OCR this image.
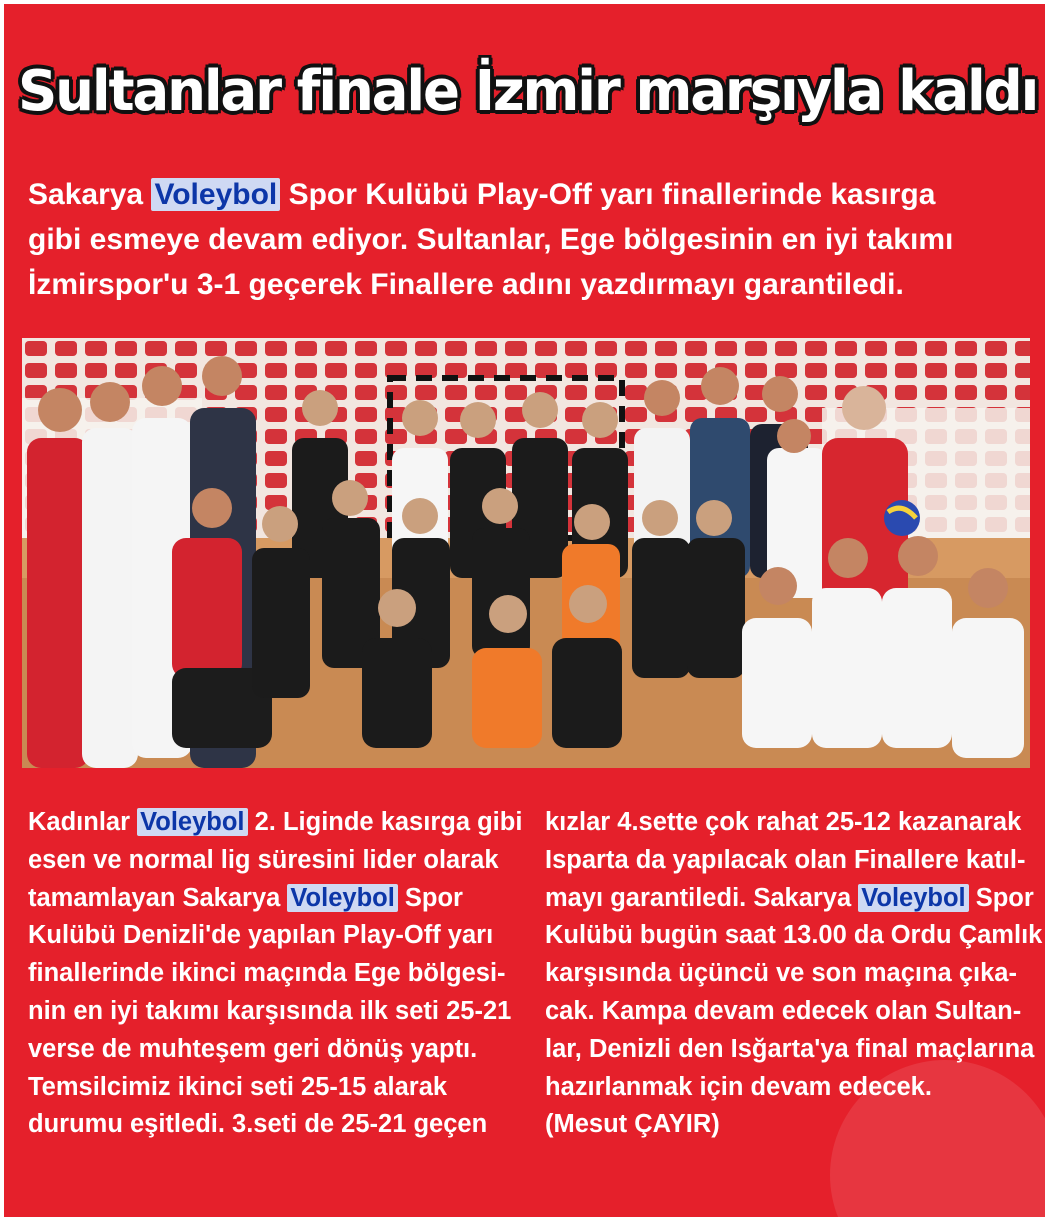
Sultanlar finale İzmir marşıyla kaldı
Sakarya Voleybol Spor Kulübü Play-Off yarı finallerinde kasırga
gibi esmeye devam ediyor. Sultanlar, Ege bölgesinin en iyi takımı
İzmirspor'u 3-1 geçerek Finallere adını yazdırmayı garantiledi.
Kadınlar Voleybol 2. Liginde kasırga gibi
esen ve normal lig süresini lider olarak
tamamlayan Sakarya Voleybol Spor
Kulübü Denizli'de yapılan Play-Off yarı
finallerinde ikinci maçında Ege bölgesi-
nin en iyi takımı karşısında ilk seti 25-21
verse de muhteşem geri dönüş yaptı.
Temsilcimiz ikinci seti 25-15 alarak
durumu eşitledi. 3.seti de 25-21 geçen
kızlar 4.sette çok rahat 25-12 kazanarak
Isparta da yapılacak olan Finallere katıl-
mayı garantiledi. Sakarya Voleybol Spor
Kulübü bugün saat 13.00 da Ordu Çamlık
karşısında üçüncü ve son maçına çıka-
cak. Kampa devam edecek olan Sultan-
lar, Denizli den Isğarta'ya final maçlarına
hazırlanmak için devam edecek.
(Mesut ÇAYIR)
